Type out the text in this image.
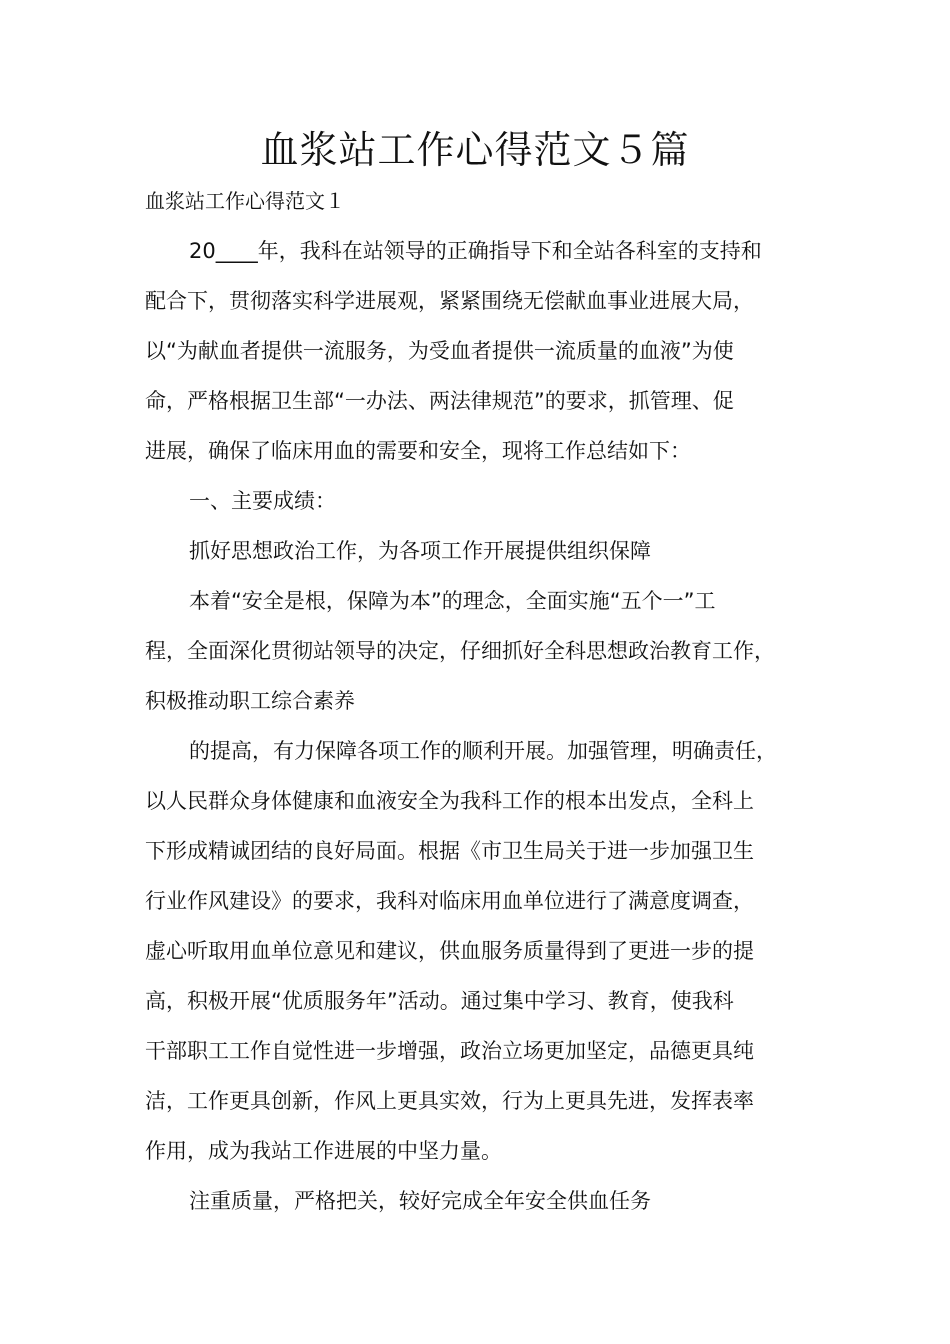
血浆站工作心得范文５篇

血浆站工作心得范文１

20____年，我科在站领导的正确指导下和全站各科室的支持和
配合下，贯彻落实科学进展观，紧紧围绕无偿献血事业进展大局，
以“为献血者提供一流服务，为受血者提供一流质量的血液”为使
命，严格根据卫生部“一办法、两法律规范”的要求，抓管理、促
进展，确保了临床用血的需要和安全，现将工作总结如下：
一、主要成绩：
抓好思想政治工作，为各项工作开展提供组织保障
本着“安全是根，保障为本”的理念，全面实施“五个一”工
程，全面深化贯彻站领导的决定，仔细抓好全科思想政治教育工作，
积极推动职工综合素养
的提高，有力保障各项工作的顺利开展。加强管理，明确责任，
以人民群众身体健康和血液安全为我科工作的根本出发点，全科上
下形成精诚团结的良好局面。根据《市卫生局关于进一步加强卫生
行业作风建设》的要求，我科对临床用血单位进行了满意度调查，
虚心听取用血单位意见和建议，供血服务质量得到了更进一步的提
高，积极开展“优质服务年”活动。通过集中学习、教育，使我科
干部职工工作自觉性进一步增强，政治立场更加坚定，品德更具纯
洁，工作更具创新，作风上更具实效，行为上更具先进，发挥表率
作用，成为我站工作进展的中坚力量。
注重质量，严格把关，较好完成全年安全供血任务
